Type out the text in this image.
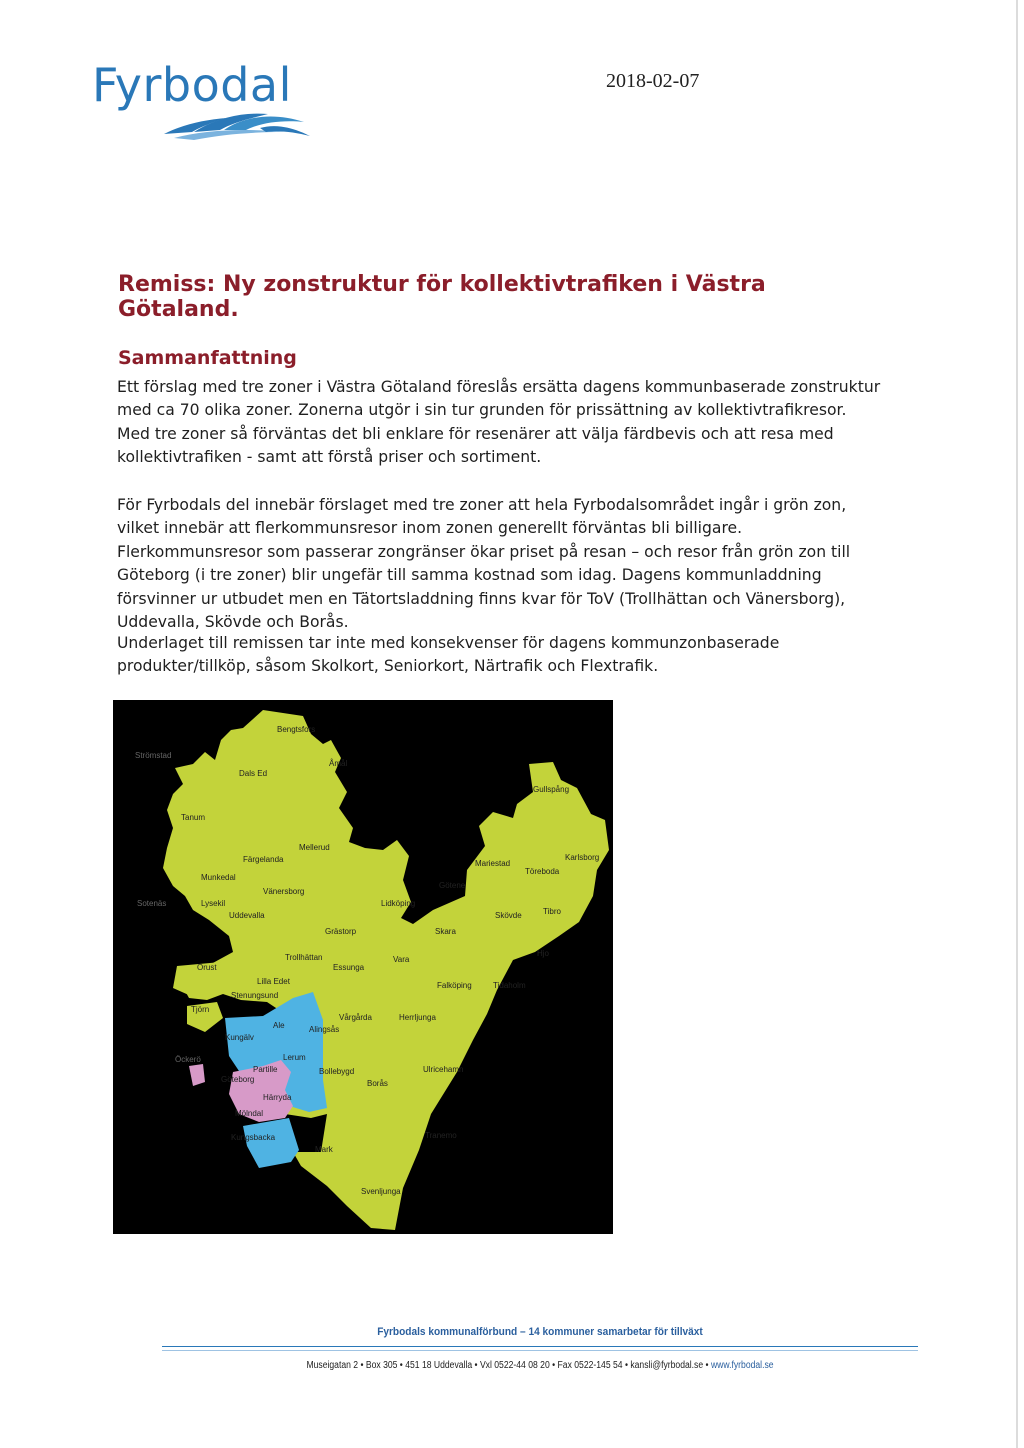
Fyrbodal	2018-02-07
Remiss: Ny zonstruktur för kollektivtrafiken i Västra Götaland.
Sammanfattning

Ett förslag med tre zoner i Västra Götaland föreslås ersätta dagens kommunbaserade zonstruktur med ca 70 olika zoner. Zonerna utgör i sin tur grunden för prissättning av kollektivtrafikresor. Med tre zoner så förväntas det bli enklare för resenärer att välja färdbevis och att resa med kollektivtrafiken - samt att förstå priser och sortiment.

För Fyrbodals del innebär förslaget med tre zoner att hela Fyrbodalsområdet ingår i grön zon, vilket innebär att flerkommunsresor inom zonen generellt förväntas bli billigare. Flerkommunsresor som passerar zongränser ökar priset på resan – och resor från grön zon till Göteborg (i tre zoner) blir ungefär till samma kostnad som idag. Dagens kommunladdning försvinner ur utbudet men en Tätortsladdning finns kvar för ToV (Trollhättan och Vänersborg), Uddevalla, Skövde och Borås.

Underlaget till remissen tar inte med konsekvenser för dagens kommunzonbaserade produkter/tillköp, såsom Skolkort, Seniorkort, Närtrafik och Flextrafik.

Strömstad
Bengtsfors
Åmål
Dals Ed
Gullspång
Tanum
Mellerud
Färgelanda	Mariestad
Karlsborg
Töreboda
Munkedal
Vänersborg
Götene
Sotenäs	Lysekil
Uddevalla
Lidköping
Skövde	Tibro
Grästorp	Skara
Hjo
Trollhättan	Vara
Essunga
Orust
Lilla Edet	Falköping	Tidaholm
Stenungsund
Vårgårda	Herrljunga
Tjörn
Ale	Alingsås
Kungälv
Lerum
Öckerö
Partille
Göteborg
Bollebygd	Ulricehamn
Borås
Härryda
Mölndal
Tranemo
Kungsbacka
Mark
Svenljunga
Fyrbodals kommunalförbund – 14 kommuner samarbetar för tillväxt
Museigatan 2 • Box 305 • 451 18 Uddevalla • Vxl 0522-44 08 20 • Fax 0522-145 54 • kansli@fyrbodal.se • www.fyrbodal.se
